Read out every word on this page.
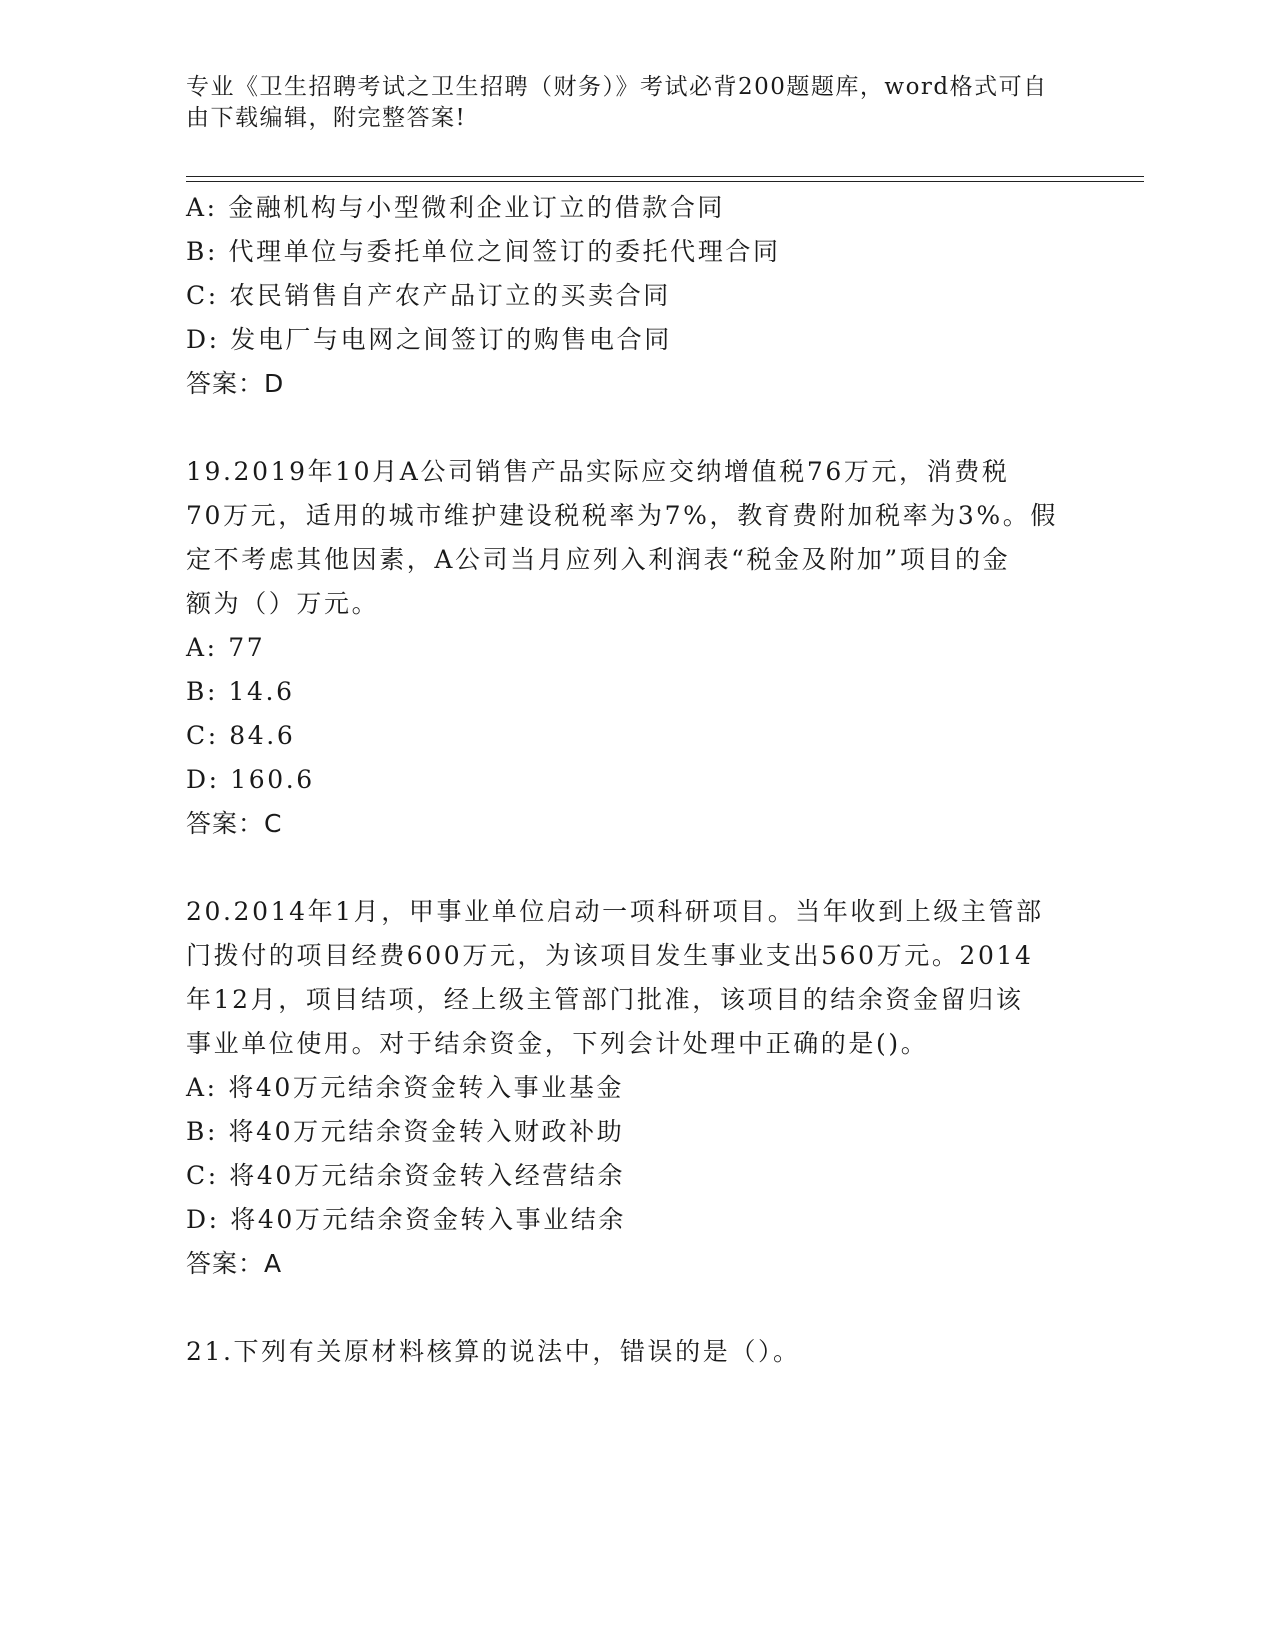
专业《卫生招聘考试之卫生招聘（财务）》考试必背200题题库，word格式可自
由下载编辑，附完整答案!
A: 金融机构与小型微利企业订立的借款合同
B: 代理单位与委托单位之间签订的委托代理合同
C: 农民销售自产农产品订立的买卖合同
D: 发电厂与电网之间签订的购售电合同
答案：D
19.2019年10月A公司销售产品实际应交纳增值税76万元，消费税
70万元，适用的城市维护建设税税率为7%，教育费附加税率为3%。假
定不考虑其他因素，A公司当月应列入利润表“税金及附加”项目的金
额为（）万元。
A: 77
B: 14.6
C: 84.6
D: 160.6
答案：C
20.2014年1月，甲事业单位启动一项科研项目。当年收到上级主管部
门拨付的项目经费600万元，为该项目发生事业支出560万元。2014
年12月，项目结项，经上级主管部门批准，该项目的结余资金留归该
事业单位使用。对于结余资金，下列会计处理中正确的是()。
A: 将40万元结余资金转入事业基金
B: 将40万元结余资金转入财政补助
C: 将40万元结余资金转入经营结余
D: 将40万元结余资金转入事业结余
答案：A
21.下列有关原材料核算的说法中，错误的是（）。
